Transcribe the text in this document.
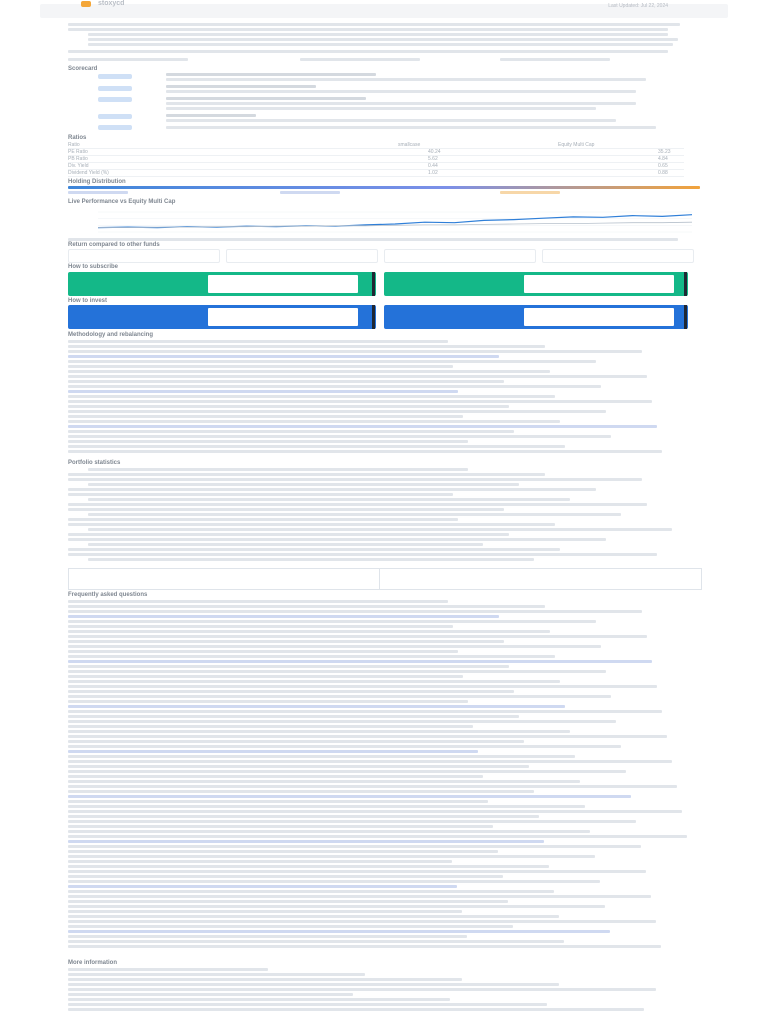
stoxycd	Last Updated: Jul 22, 2024
Scorecard
Ratios
Ratio	smallcase	Equity Multi Cap
PE Ratio	40.24	35.23
PB Ratio	5.62	4.84
Div. Yield	0.44	0.65
Dividend Yield (%)	1.02	0.88
Holding Distribution
Live Performance vs Equity Multi Cap
Return compared to other funds
How to subscribe
How to invest
Methodology and rebalancing
Portfolio statistics
Frequently asked questions
More information
